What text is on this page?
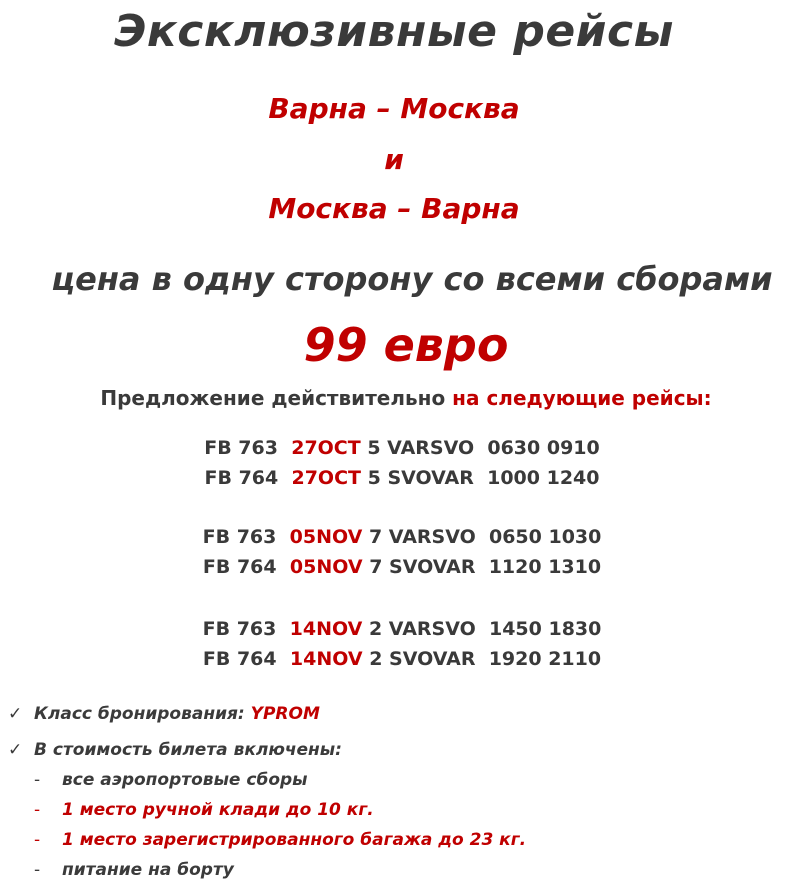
Эксклюзивные рейсы
Варна – Москва
и
Москва – Варна
цена в одну сторону со всеми сборами
99 евро
Предложение действительно на следующие рейсы:
FB 763 27OCT 5 VARSVO  0630 0910
FB 764 27OCT 5 SVOVAR  1000 1240
FB 763 05NOV 7 VARSVO  0650 1030
FB 764 05NOV 7 SVOVAR  1120 1310
FB 763 14NOV 2 VARSVO  1450 1830
FB 764 14NOV 2 SVOVAR  1920 2110
✓ Класс бронирования: YPROM
✓ В стоимость билета включены:
- все аэропортовые сборы
- 1 место ручной клади до 10 кг.
- 1 место зарегистрированного багажа до 23 кг.
- питание на борту
